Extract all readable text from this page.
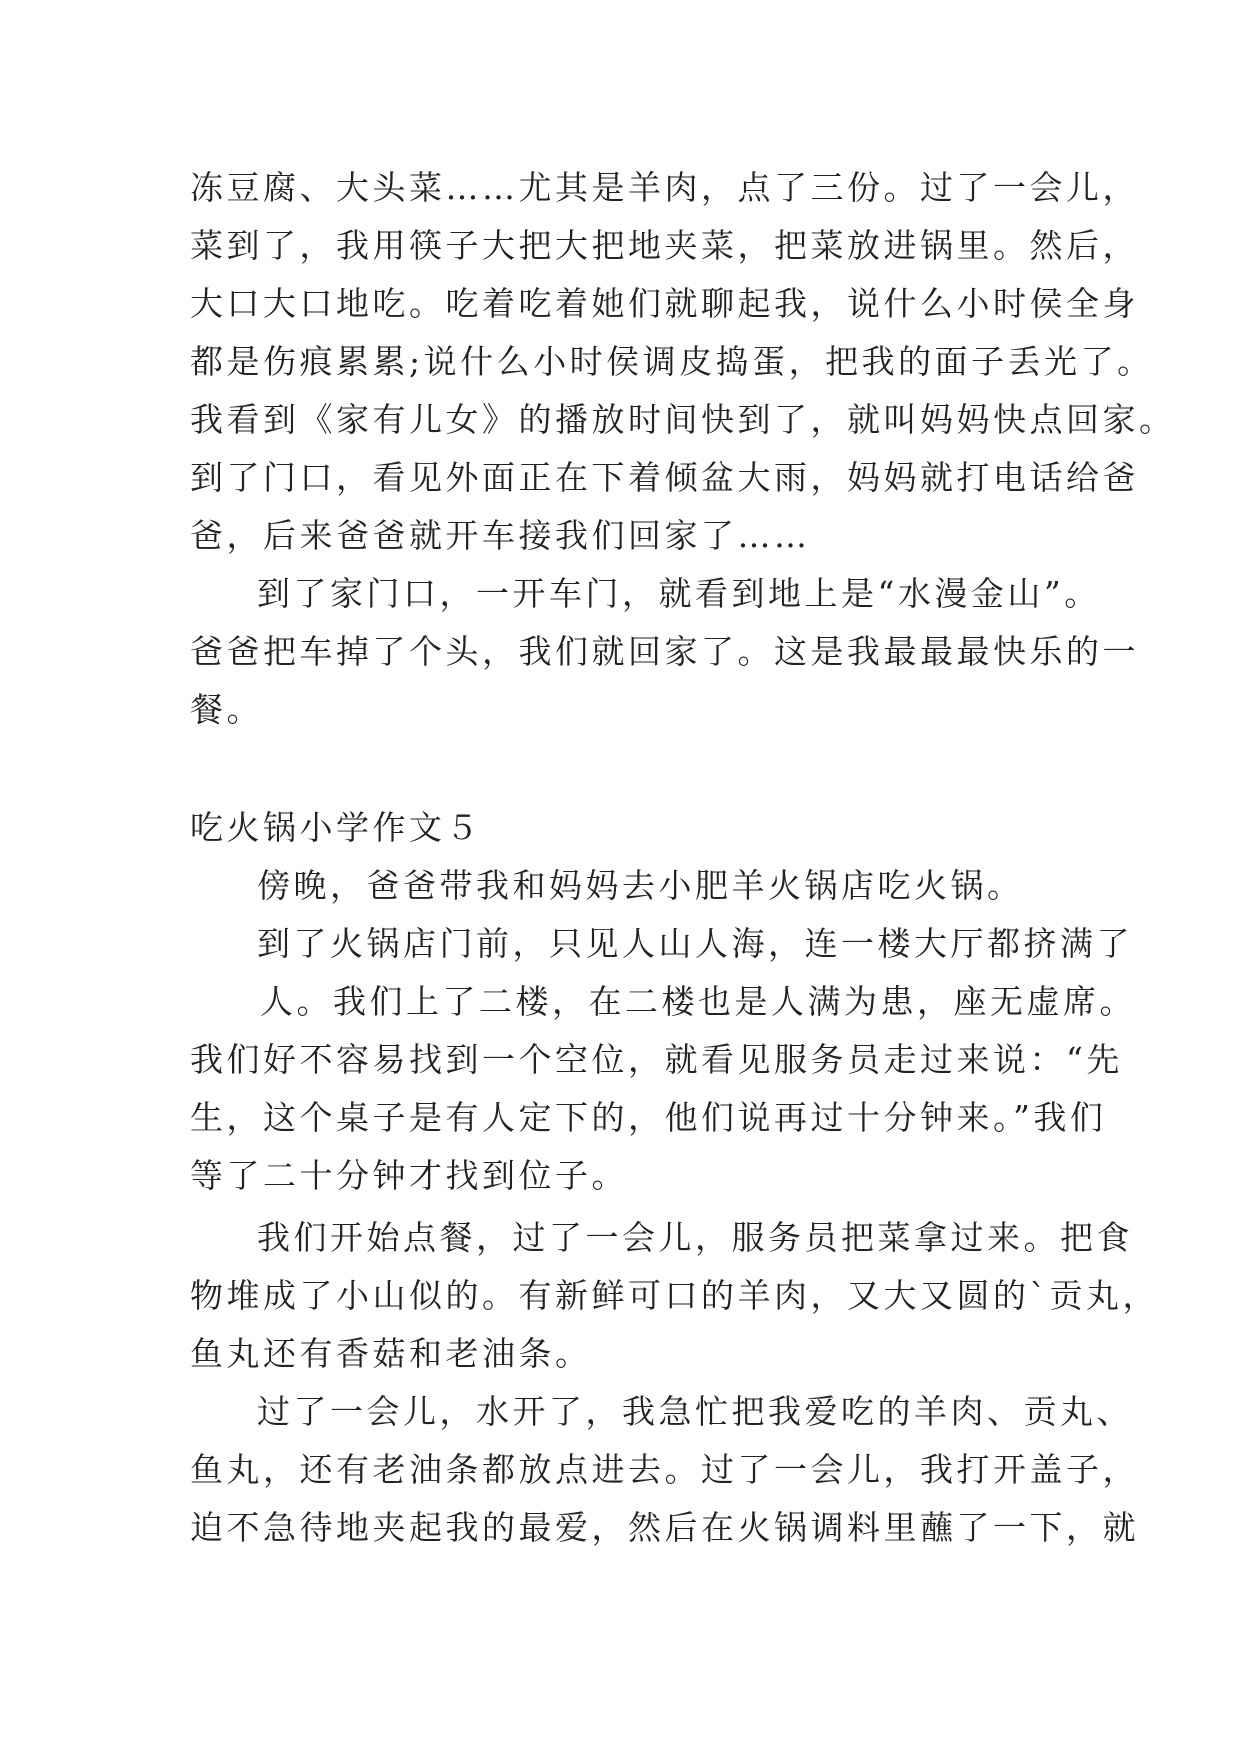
冻豆腐、大头菜……尤其是羊肉，点了三份。过了一会儿，
菜到了，我用筷子大把大把地夹菜，把菜放进锅里。然后，
大口大口地吃。吃着吃着她们就聊起我，说什么小时侯全身
都是伤痕累累;说什么小时侯调皮捣蛋，把我的面子丢光了。
我看到《家有儿女》的播放时间快到了，就叫妈妈快点回家。
到了门口，看见外面正在下着倾盆大雨，妈妈就打电话给爸
爸，后来爸爸就开车接我们回家了……
到了家门口，一开车门，就看到地上是“水漫金山”。
爸爸把车掉了个头，我们就回家了。这是我最最最快乐的一
餐。
吃火锅小学作文５
傍晚，爸爸带我和妈妈去小肥羊火锅店吃火锅。
到了火锅店门前，只见人山人海，连一楼大厅都挤满了
人。我们上了二楼，在二楼也是人满为患，座无虚席。
我们好不容易找到一个空位，就看见服务员走过来说：“先
生，这个桌子是有人定下的，他们说再过十分钟来。”我们
等了二十分钟才找到位子。
我们开始点餐，过了一会儿，服务员把菜拿过来。把食
物堆成了小山似的。有新鲜可口的羊肉，又大又圆的`贡丸，
鱼丸还有香菇和老油条。
过了一会儿，水开了，我急忙把我爱吃的羊肉、贡丸、
鱼丸，还有老油条都放点进去。过了一会儿，我打开盖子，
迫不急待地夹起我的最爱，然后在火锅调料里蘸了一下，就
